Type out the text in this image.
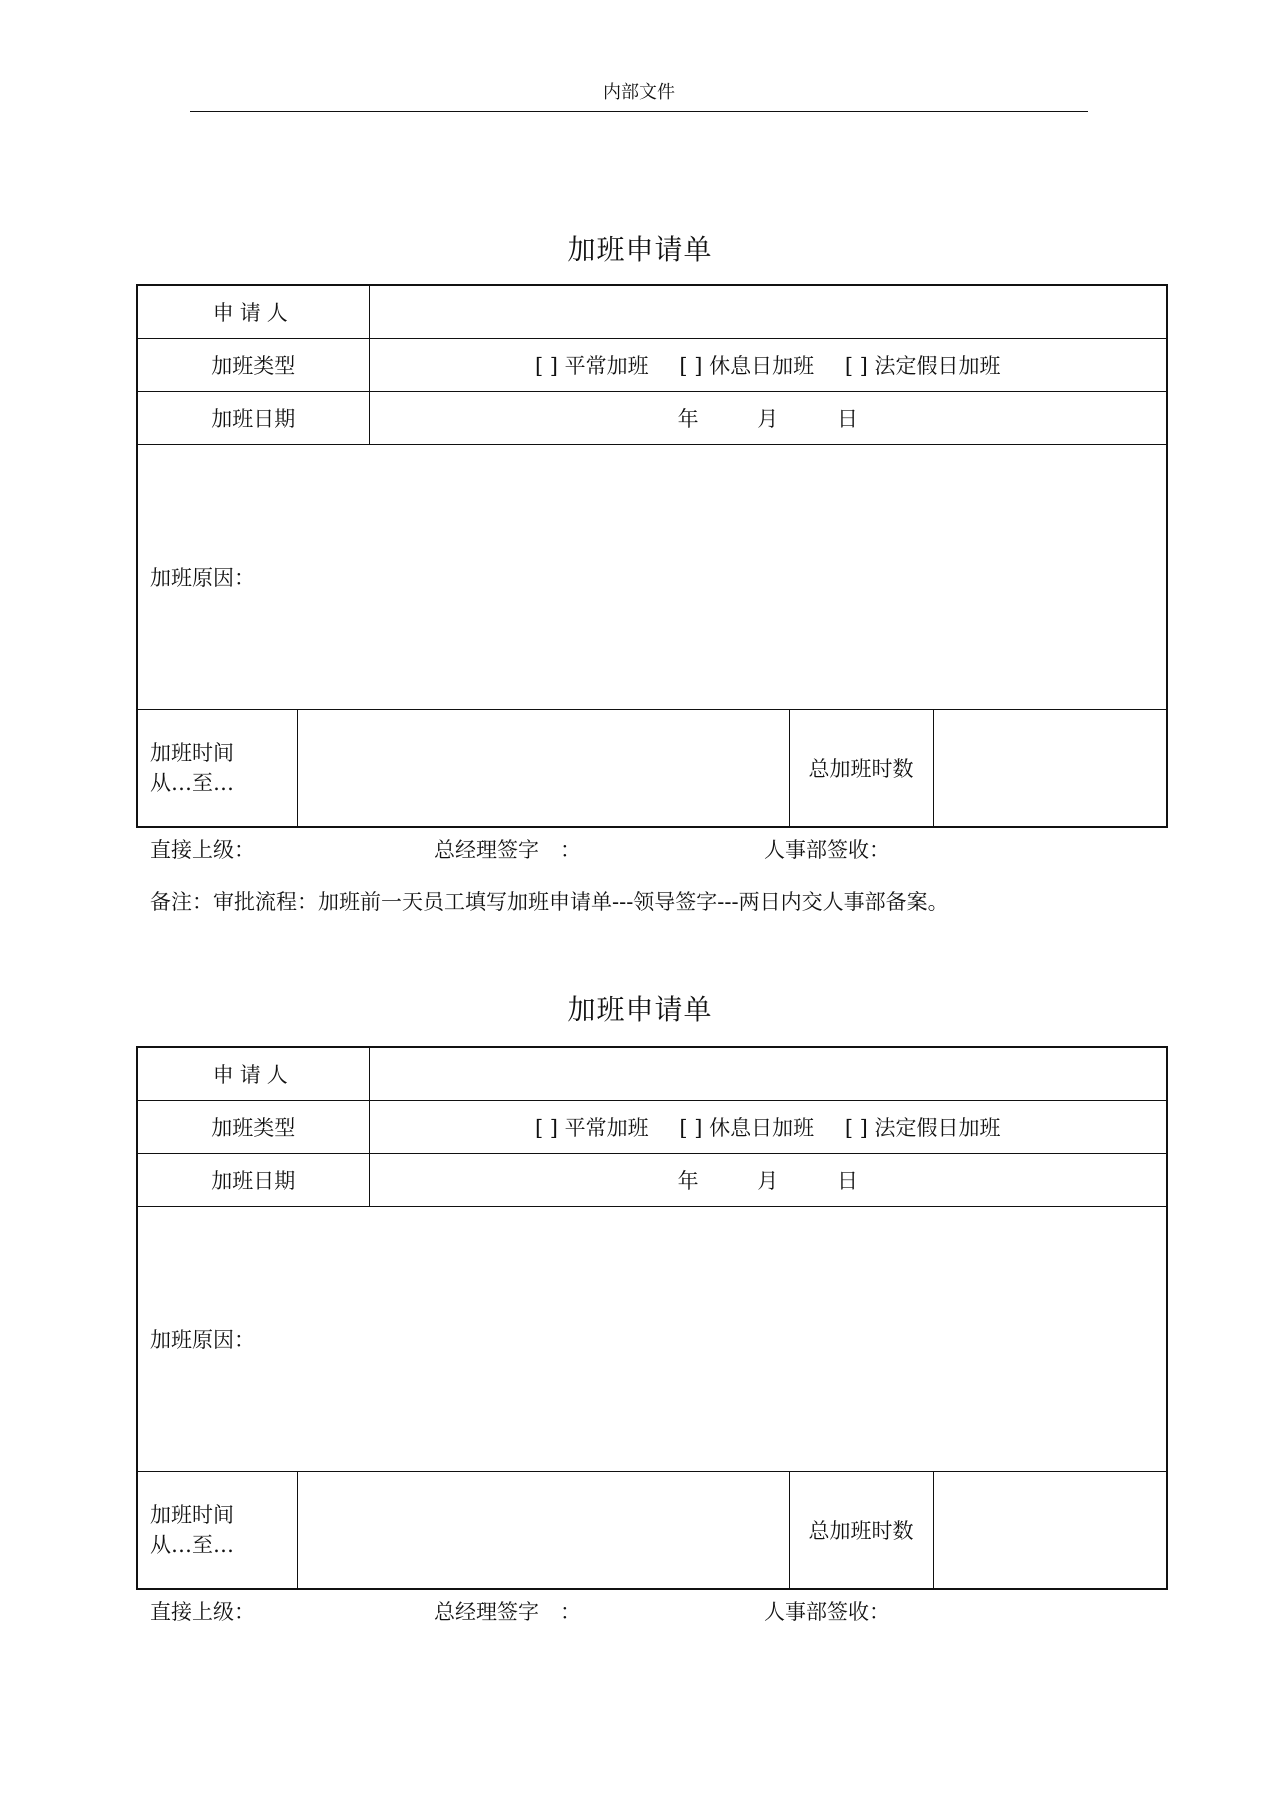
内部文件
加班申请单
申请人				
加班类型		[ ] 平常加班 [ ] 休息日加班 [ ] 法定假日加班		
加班日期		年 月 日		
加班原因：				

加班时间
从…至…			总加班时数	
直接上级：	总经理签字　：	人事部签收：
备注：审批流程：加班前一天员工填写加班申请单---领导签字---两日内交人事部备案。
加班申请单
申请人				
加班类型		[ ] 平常加班 [ ] 休息日加班 [ ] 法定假日加班		
加班日期		年 月 日		
加班原因：				

加班时间
从…至…			总加班时数	
直接上级：	总经理签字　：	人事部签收：
